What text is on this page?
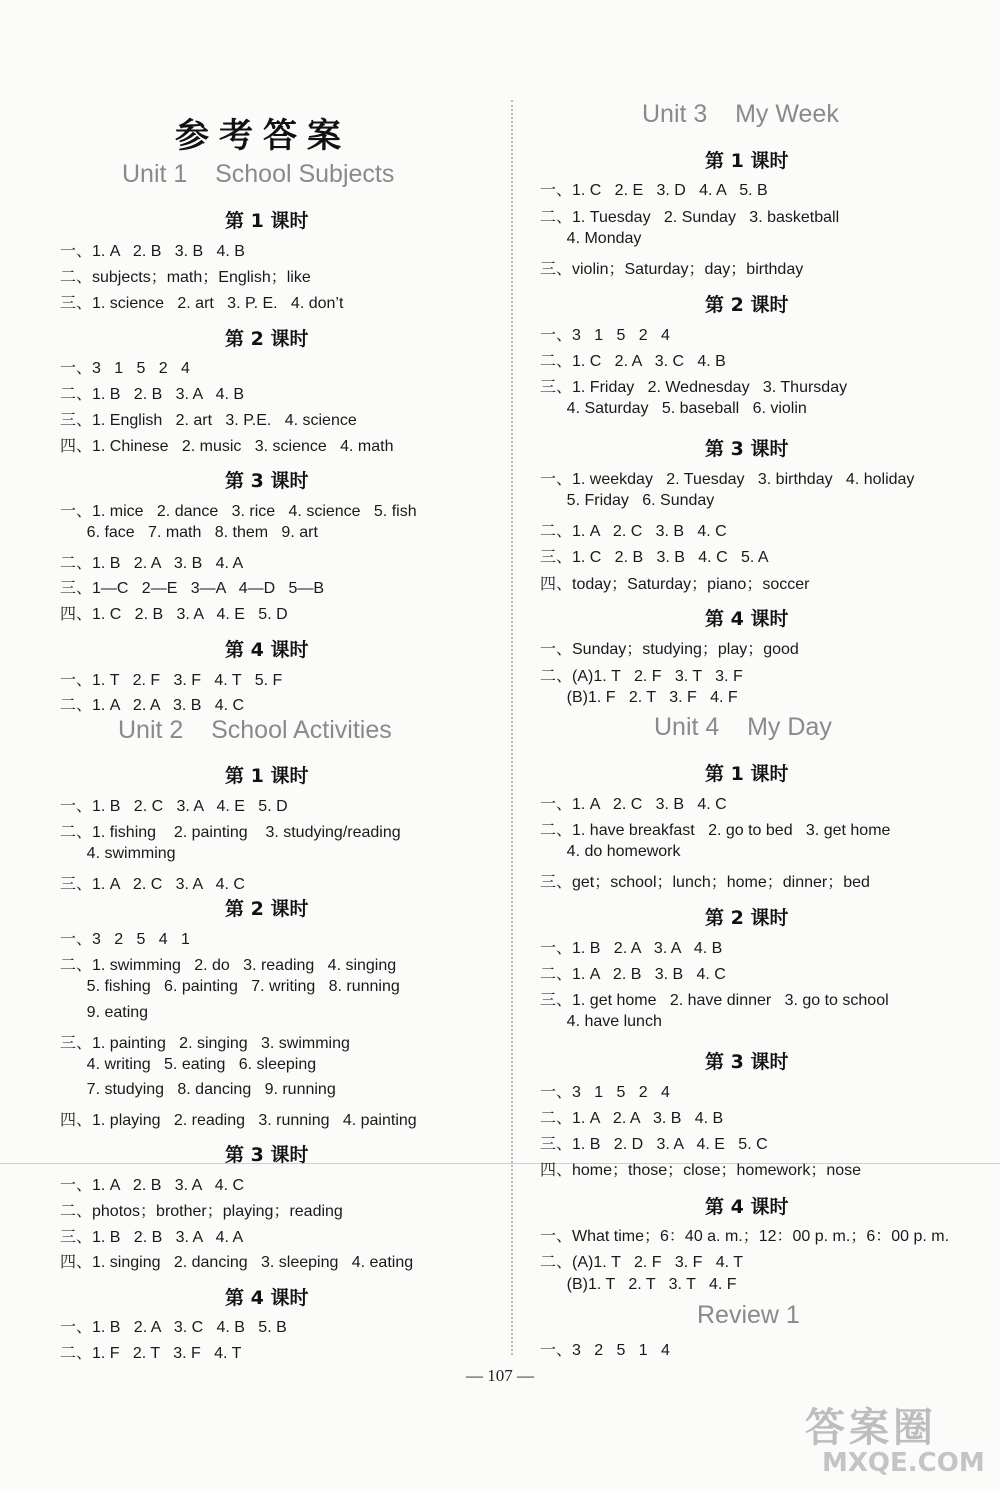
参考答案
Unit 1    School Subjects
第 1 课时
一、1. A   2. B   3. B   4. B
二、subjects；math；English；like
三、1. science   2. art   3. P. E.   4. don’t
第 2 课时
一、3   1   5   2   4
二、1. B   2. B   3. A   4. B
三、1. English   2. art   3. P.E.   4. science
四、1. Chinese   2. music   3. science   4. math
第 3 课时
一、1. mice   2. dance   3. rice   4. science   5. fish
6. face   7. math   8. them   9. art
二、1. B   2. A   3. B   4. A
三、1—C   2—E   3—A   4—D   5—B
四、1. C   2. B   3. A   4. E   5. D
第 4 课时
一、1. T   2. F   3. F   4. T   5. F
二、1. A   2. A   3. B   4. C
Unit 2    School Activities
第 1 课时
一、1. B   2. C   3. A   4. E   5. D
二、1. fishing    2. painting    3. studying/reading
4. swimming
三、1. A   2. C   3. A   4. C
第 2 课时
一、3   2   5   4   1
二、1. swimming   2. do   3. reading   4. singing
5. fishing   6. painting   7. writing   8. running
9. eating
三、1. painting   2. singing   3. swimming
4. writing   5. eating   6. sleeping
7. studying   8. dancing   9. running
四、1. playing   2. reading   3. running   4. painting
第 3 课时
一、1. A   2. B   3. A   4. C
二、photos；brother；playing；reading
三、1. B   2. B   3. A   4. A
四、1. singing   2. dancing   3. sleeping   4. eating
第 4 课时
一、1. B   2. A   3. C   4. B   5. B
二、1. F   2. T   3. F   4. T
Unit 3    My Week
第 1 课时
一、1. C   2. E   3. D   4. A   5. B
二、1. Tuesday   2. Sunday   3. basketball
4. Monday
三、violin；Saturday；day；birthday
第 2 课时
一、3   1   5   2   4
二、1. C   2. A   3. C   4. B
三、1. Friday   2. Wednesday   3. Thursday
4. Saturday   5. baseball   6. violin
第 3 课时
一、1. weekday   2. Tuesday   3. birthday   4. holiday
5. Friday   6. Sunday
二、1. A   2. C   3. B   4. C
三、1. C   2. B   3. B   4. C   5. A
四、today；Saturday；piano；soccer
第 4 课时
一、Sunday；studying；play；good
二、(A)1. T   2. F   3. T   3. F
(B)1. F   2. T   3. F   4. F
Unit 4    My Day
第 1 课时
一、1. A   2. C   3. B   4. C
二、1. have breakfast   2. go to bed   3. get home
4. do homework
三、get；school；lunch；home；dinner；bed
第 2 课时
一、1. B   2. A   3. A   4. B
二、1. A   2. B   3. B   4. C
三、1. get home   2. have dinner   3. go to school
4. have lunch
第 3 课时
一、3   1   5   2   4
二、1. A   2. A   3. B   4. B
三、1. B   2. D   3. A   4. E   5. C
四、home；those；close；homework；nose
第 4 课时
一、What time；6：40 a. m.；12：00 p. m.；6：00 p. m.
二、(A)1. T   2. F   3. F   4. T
(B)1. T   2. T   3. T   4. F
Review 1
一、3   2   5   1   4
— 107 —
答案圈
MXQE.COM
